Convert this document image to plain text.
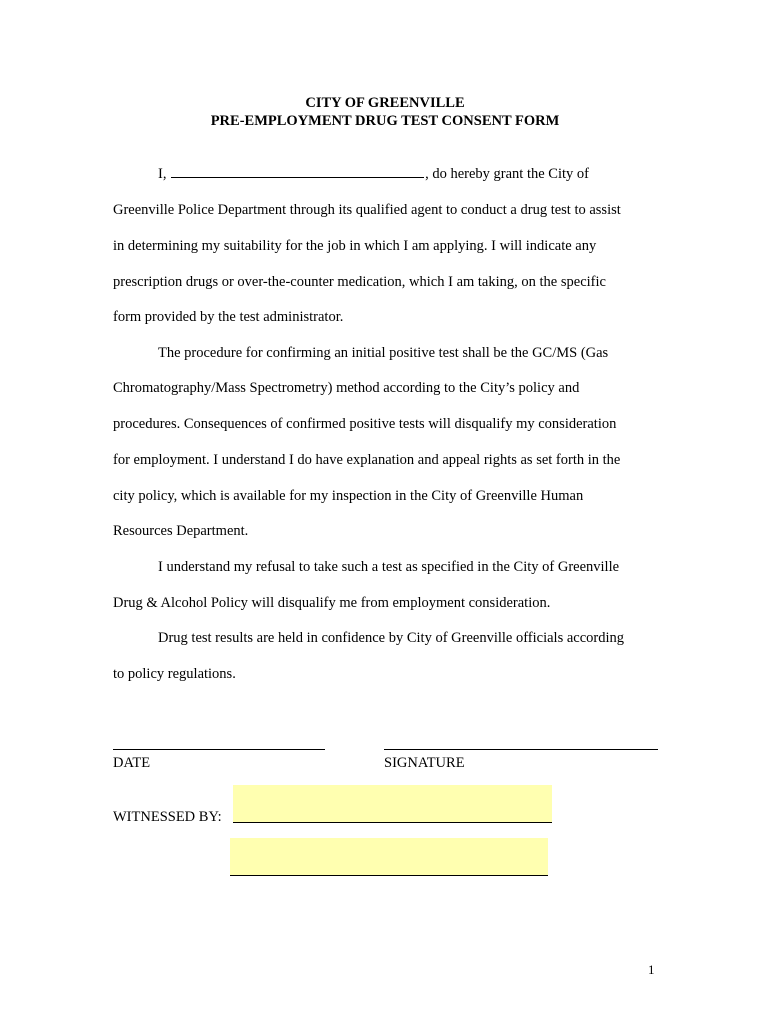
CITY OF GREENVILLE
PRE-EMPLOYMENT DRUG TEST CONSENT FORM
I,	, do hereby grant the City of
Greenville Police Department through its qualified agent to conduct a drug test to assist
in determining my suitability for the job in which I am applying. I will indicate any
prescription drugs or over-the-counter medication, which I am taking, on the specific
form provided by the test administrator.
The procedure for confirming an initial positive test shall be the GC/MS (Gas
Chromatography/Mass Spectrometry) method according to the City’s policy and
procedures. Consequences of confirmed positive tests will disqualify my consideration
for employment. I understand I do have explanation and appeal rights as set forth in the
city policy, which is available for my inspection in the City of Greenville Human
Resources Department.
I understand my refusal to take such a test as specified in the City of Greenville
Drug & Alcohol Policy will disqualify me from employment consideration.
Drug test results are held in confidence by City of Greenville officials according
to policy regulations.
DATE	SIGNATURE
WITNESSED BY:
1
